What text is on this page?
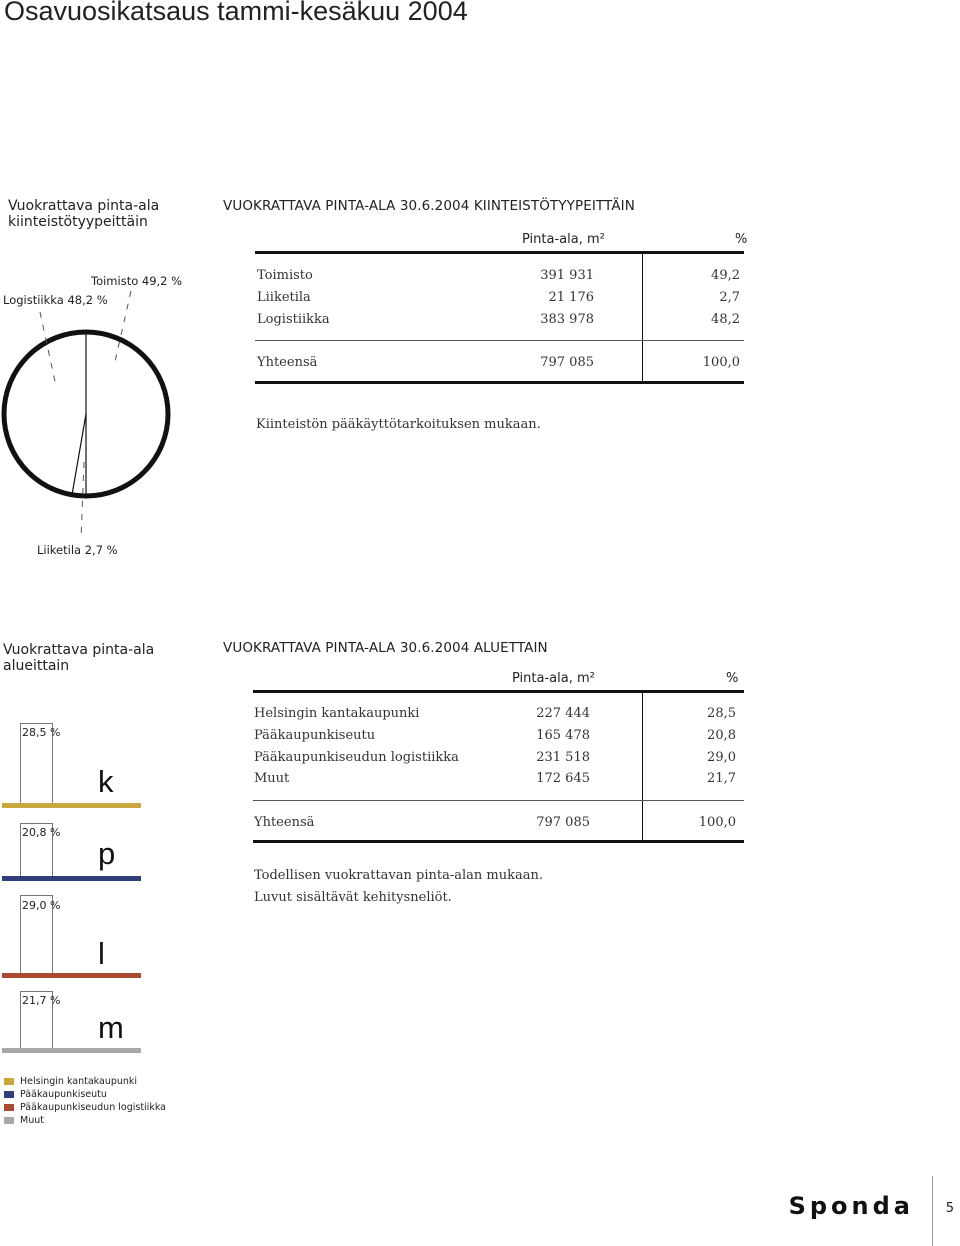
Osavuosikatsaus tammi-kesäkuu 2004
Vuokrattava pinta-ala
kiinteistötyypeittäin
VUOKRATTAVA PINTA-ALA 30.6.2004 KIINTEISTÖTYYPEITTÄIN
Pinta-ala, m²	%
Toimisto	391 931	49,2
Liiketila	21 176	2,7
Logistiikka	383 978	48,2
Yhteensä	797 085	100,0
Kiinteistön pääkäyttötarkoituksen mukaan.
Toimisto 49,2 %
Logistiikka 48,2 %
Liiketila 2,7 %
Vuokrattava pinta-ala
alueittain
VUOKRATTAVA PINTA-ALA 30.6.2004 ALUETTAIN
Pinta-ala, m²	%
Helsingin kantakaupunki	227 444	28,5
Pääkaupunkiseutu	165 478	20,8
Pääkaupunkiseudun logistiikka	231 518	29,0
Muut	172 645	21,7
Yhteensä	797 085	100,0
Todellisen vuokrattavan pinta-alan mukaan.
Luvut sisältävät kehitysneliöt.
28,5 %
k
20,8 %
p
29,0 %
l
21,7 %
m
Helsingin kantakaupunki
Pääkaupunkiseutu
Pääkaupunkiseudun logistiikka
Muut
Sponda 5
